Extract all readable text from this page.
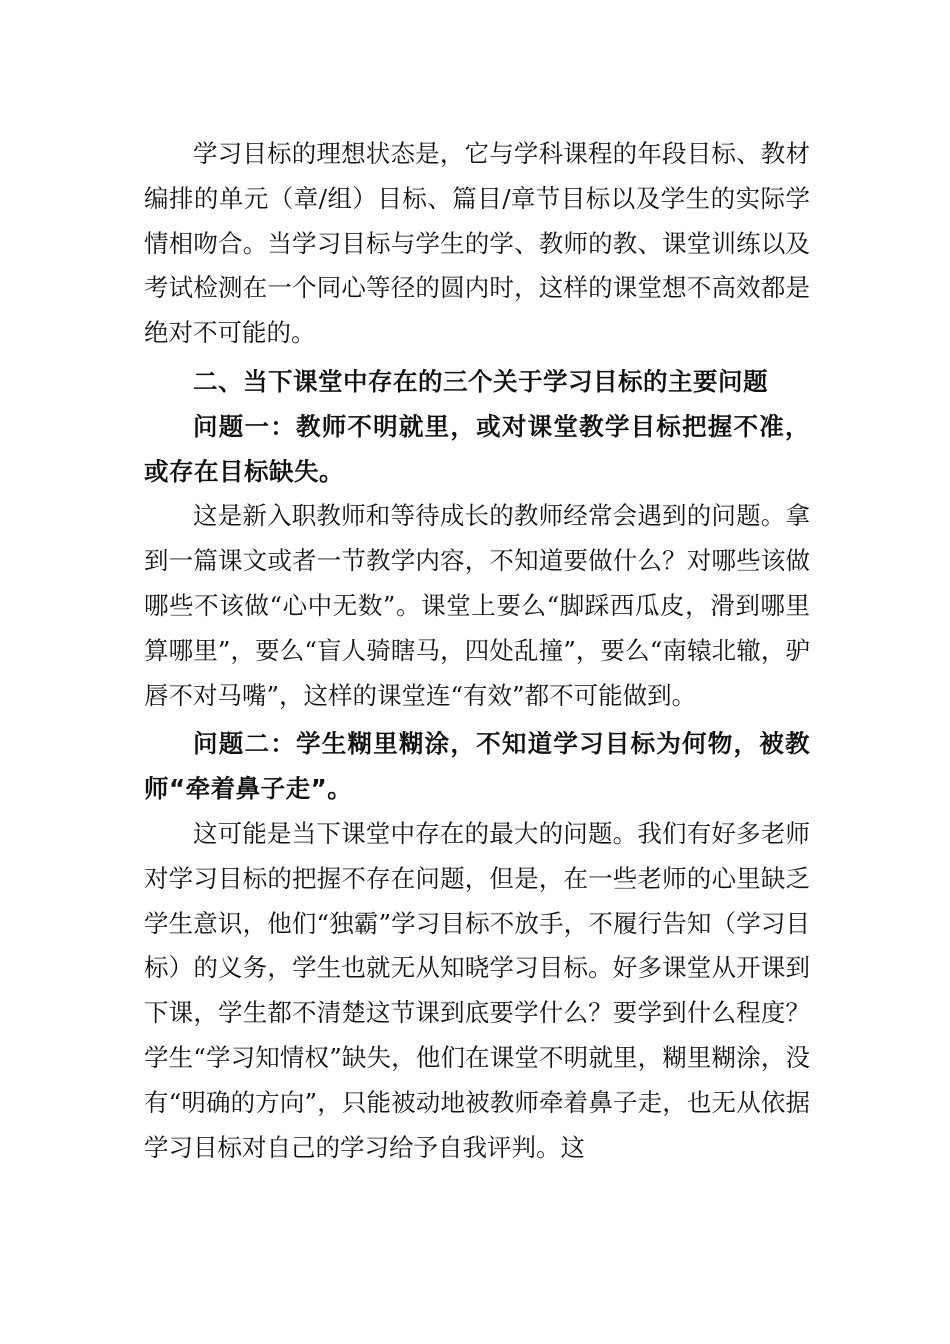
学习目标的理想状态是，它与学科课程的年段目标、教材编排的单元（章/组）目标、篇目/章节目标以及学生的实际学情相吻合。当学习目标与学生的学、教师的教、课堂训练以及考试检测在一个同心等径的圆内时，这样的课堂想不高效都是绝对不可能的。

二、当下课堂中存在的三个关于学习目标的主要问题

问题一：教师不明就里，或对课堂教学目标把握不准，或存在目标缺失。

这是新入职教师和等待成长的教师经常会遇到的问题。拿到一篇课文或者一节教学内容，不知道要做什么？对哪些该做哪些不该做“心中无数”。课堂上要么“脚踩西瓜皮，滑到哪里算哪里”，要么“盲人骑瞎马，四处乱撞”，要么“南辕北辙，驴唇不对马嘴”，这样的课堂连“有效”都不可能做到。

问题二：学生糊里糊涂，不知道学习目标为何物，被教师“牵着鼻子走”。

这可能是当下课堂中存在的最大的问题。我们有好多老师对学习目标的把握不存在问题，但是，在一些老师的心里缺乏学生意识，他们“独霸”学习目标不放手，不履行告知（学习目标）的义务，学生也就无从知晓学习目标。好多课堂从开课到下课，学生都不清楚这节课到底要学什么？要学到什么程度？学生“学习知情权”缺失，他们在课堂不明就里，糊里糊涂，没有“明确的方向”，只能被动地被教师牵着鼻子走，也无从依据学习目标对自己的学习给予自我评判。这
